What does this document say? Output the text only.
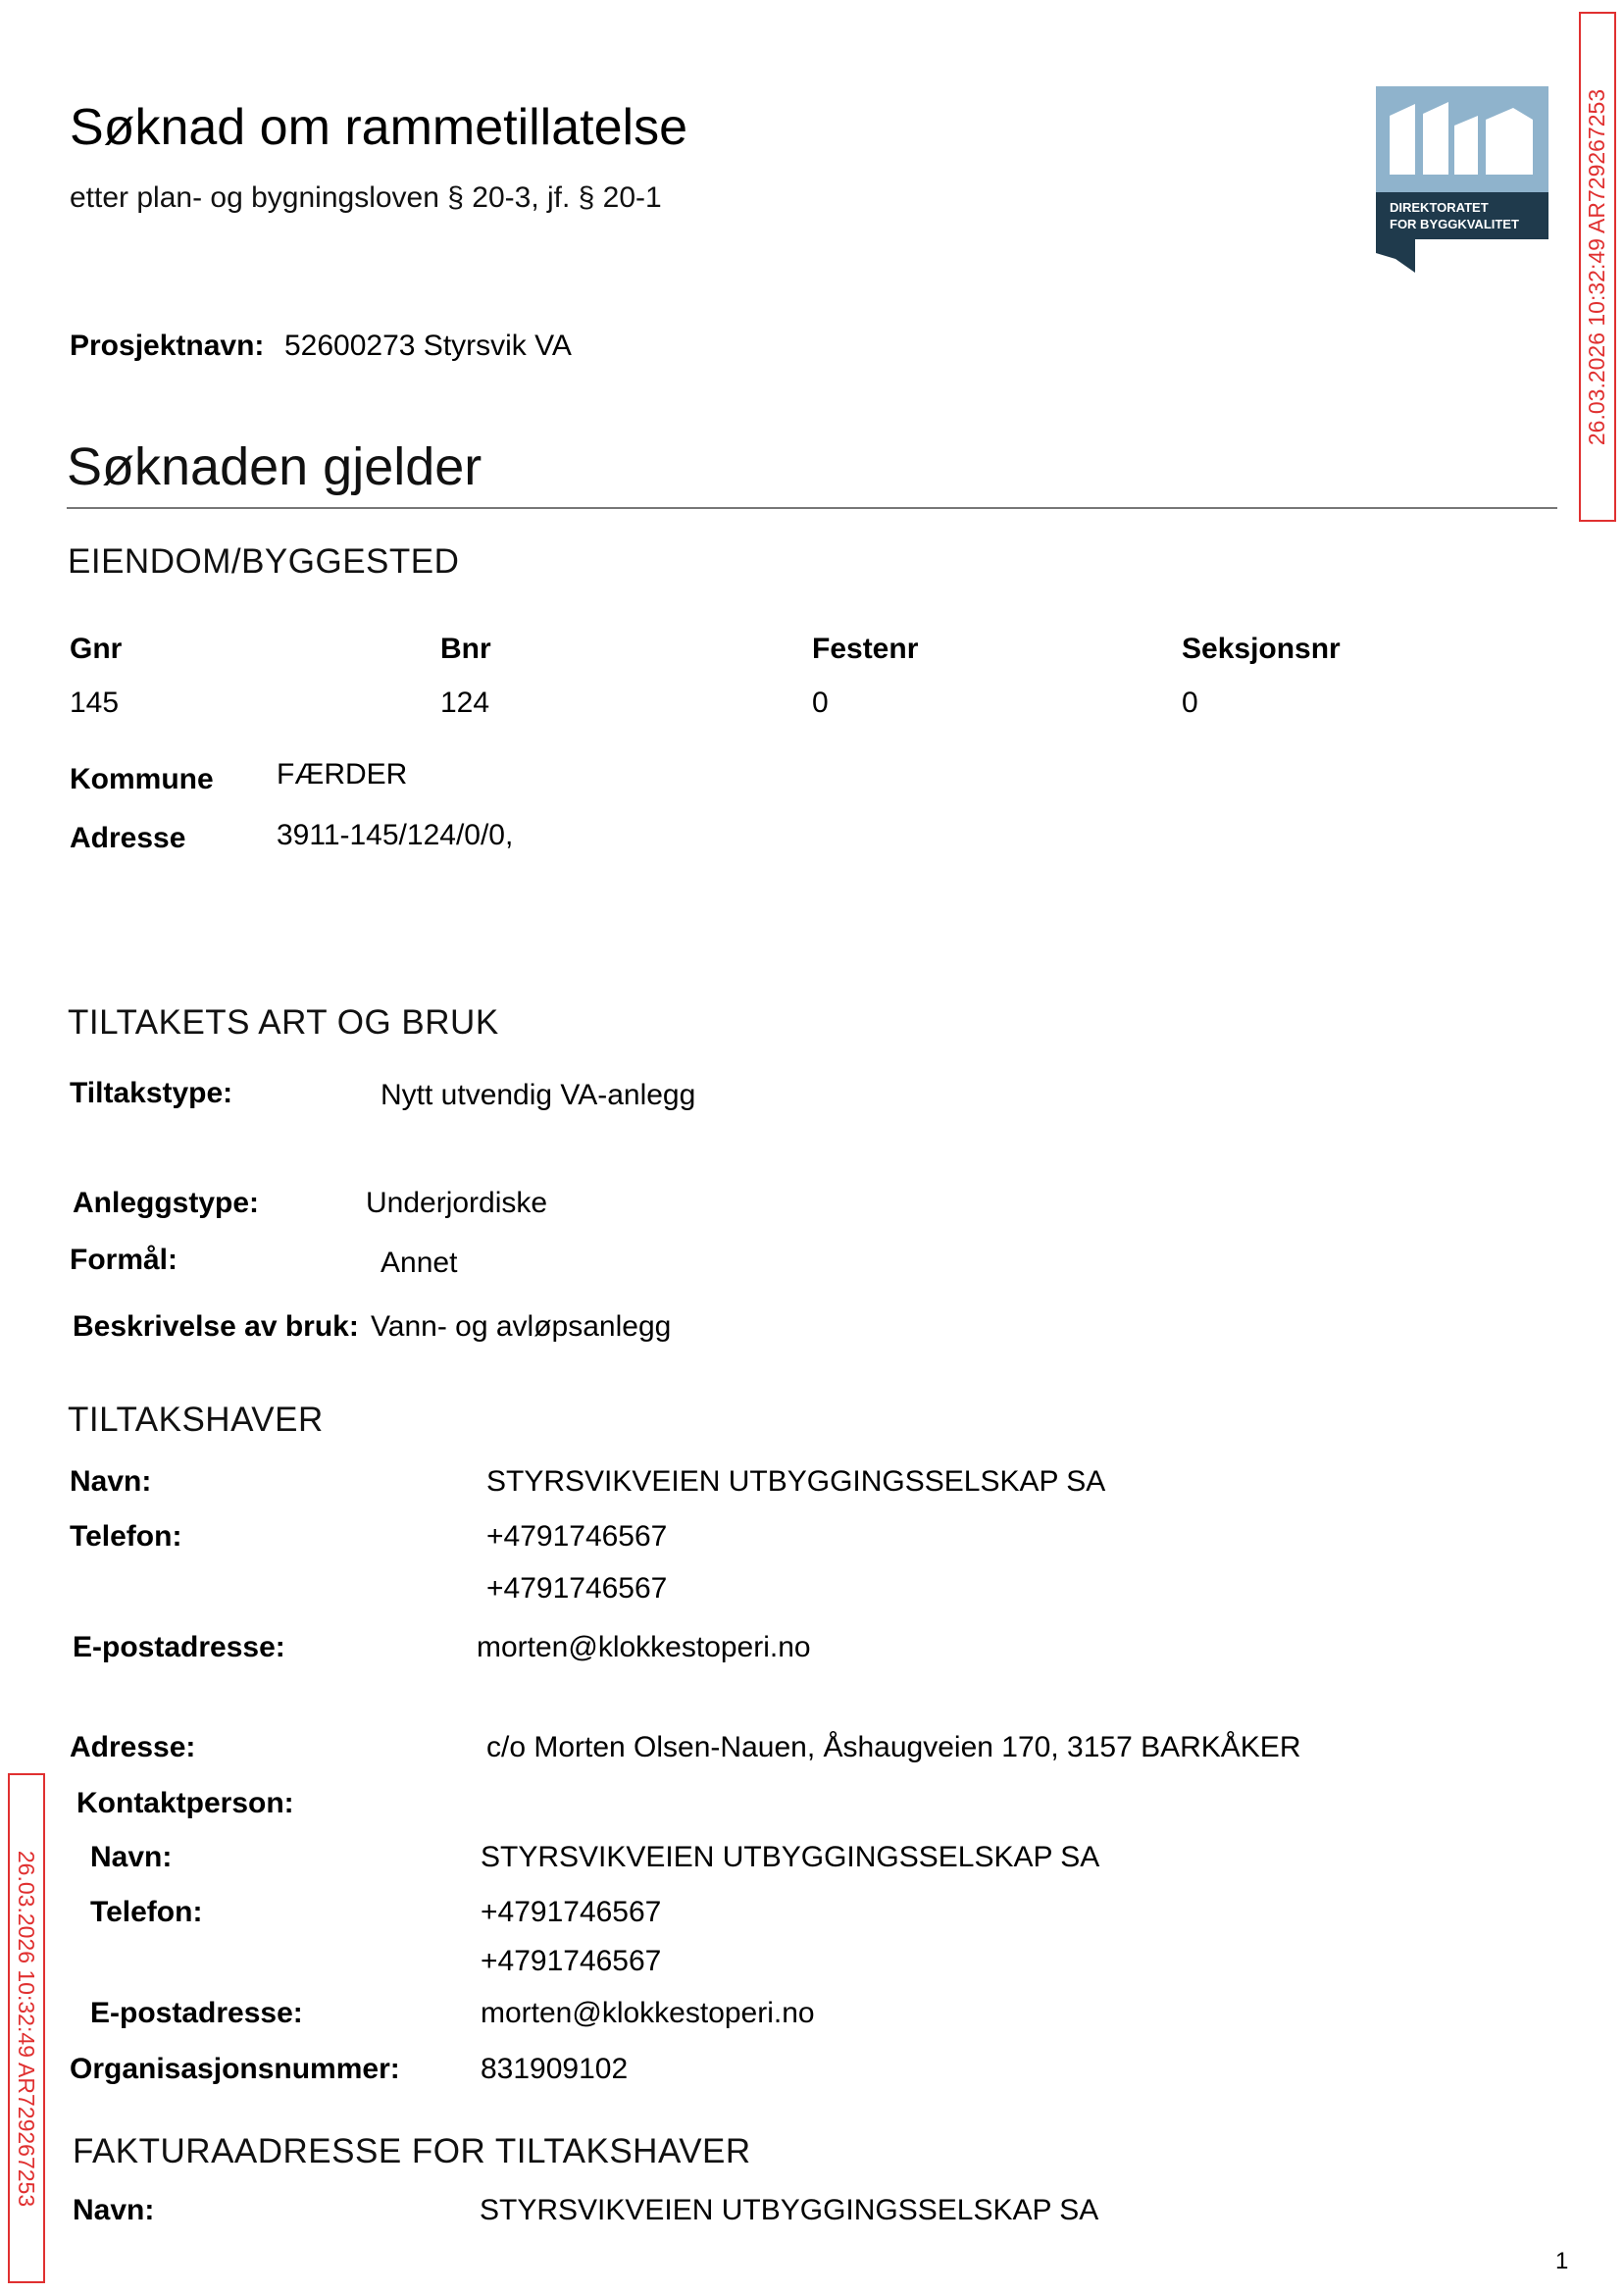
Søknad om rammetillatelse
etter plan- og bygningsloven § 20-3, jf. § 20-1	DIREKTORATET
FOR BYGGKVALITET	26.03.2026 10:32:49 AR729267253
26.03.2026 10:32:49 AR729267253
Prosjektnavn: 52600273 Styrsvik VA
Søknaden gjelder
EIENDOM/BYGGESTED
Gnr	Bnr	Festenr	Seksjonsnr
145	124	0	0
Kommune FÆRDER
Adresse	3911-145/124/0/0,
TILTAKETS ART OG BRUK
Tiltakstype:	Nytt utvendig VA-anlegg
Anleggstype:	Underjordiske
Formål:	Annet
Beskrivelse av bruk: Vann- og avløpsanlegg
TILTAKSHAVER
Navn:	STYRSVIKVEIEN UTBYGGINGSSELSKAP SA
Telefon:	+4791746567
+4791746567
E-postadresse:	morten@klokkestoperi.no
Adresse:	c/o Morten Olsen-Nauen, Åshaugveien 170, 3157 BARKÅKER
Kontaktperson:
Navn:	STYRSVIKVEIEN UTBYGGINGSSELSKAP SA
Telefon:	+4791746567
+4791746567
E-postadresse:	morten@klokkestoperi.no
Organisasjonsnummer:	831909102
FAKTURAADRESSE FOR TILTAKSHAVER
Navn:	STYRSVIKVEIEN UTBYGGINGSSELSKAP SA
1
